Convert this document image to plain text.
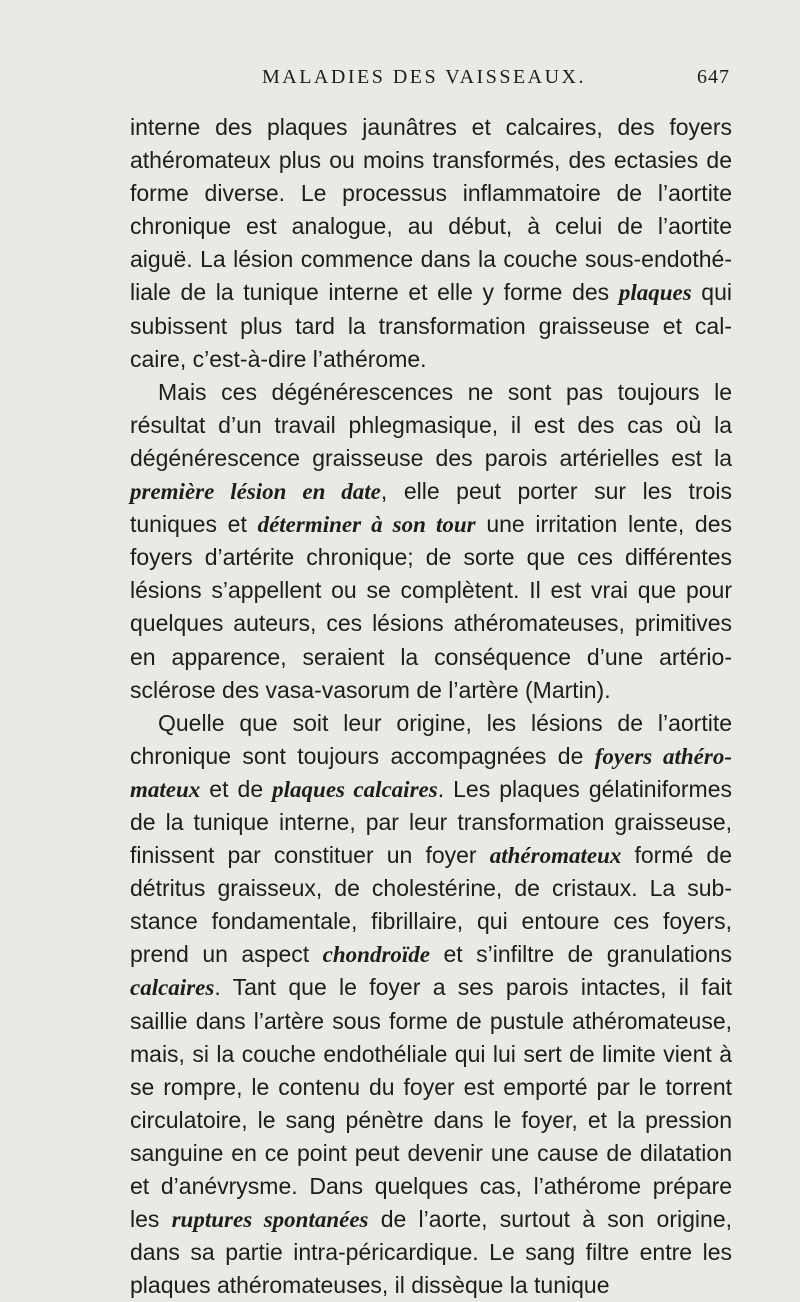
MALADIES DES VAISSEAUX.	647

interne des plaques jaunâtres et calcaires, des foyers athéromateux plus ou moins transformés, des ectasies de forme diverse. Le processus inflammatoire de l’aortite chronique est analogue, au début, à celui de l’aortite aiguë. La lésion commence dans la couche sous-endothéliale de la tunique interne et elle y forme des plaques qui subissent plus tard la transformation graisseuse et calcaire, c’est-à-dire l’athérome.

Mais ces dégénérescences ne sont pas toujours le résultat d’un travail phlegmasique, il est des cas où la dégénérescence graisseuse des parois artérielles est la première lésion en date, elle peut porter sur les trois tuniques et déterminer à son tour une irritation lente, des foyers d’artérite chronique; de sorte que ces différentes lésions s’appellent ou se complètent. Il est vrai que pour quelques auteurs, ces lésions athéromateuses, primitives en apparence, seraient la conséquence d’une artério-sclérose des vasa-vasorum de l’artère (Martin).

Quelle que soit leur origine, les lésions de l’aortite chronique sont toujours accompagnées de foyers athéromateux et de plaques calcaires. Les plaques gélatiniformes de la tunique interne, par leur transformation graisseuse, finissent par constituer un foyer athéromateux formé de détritus graisseux, de cholestérine, de cristaux. La substance fondamentale, fibrillaire, qui entoure ces foyers, prend un aspect chondroïde et s’infiltre de granulations calcaires. Tant que le foyer a ses parois intactes, il fait saillie dans l’artère sous forme de pustule athéromateuse, mais, si la couche endothéliale qui lui sert de limite vient à se rompre, le contenu du foyer est emporté par le torrent circulatoire, le sang pénètre dans le foyer, et la pression sanguine en ce point peut devenir une cause de dilatation et d’anévrysme. Dans quelques cas, l’athérome prépare les ruptures spontanées de l’aorte, surtout à son origine, dans sa partie intra-péricardique. Le sang filtre entre les plaques athéromateuses, il dissèque la tunique
